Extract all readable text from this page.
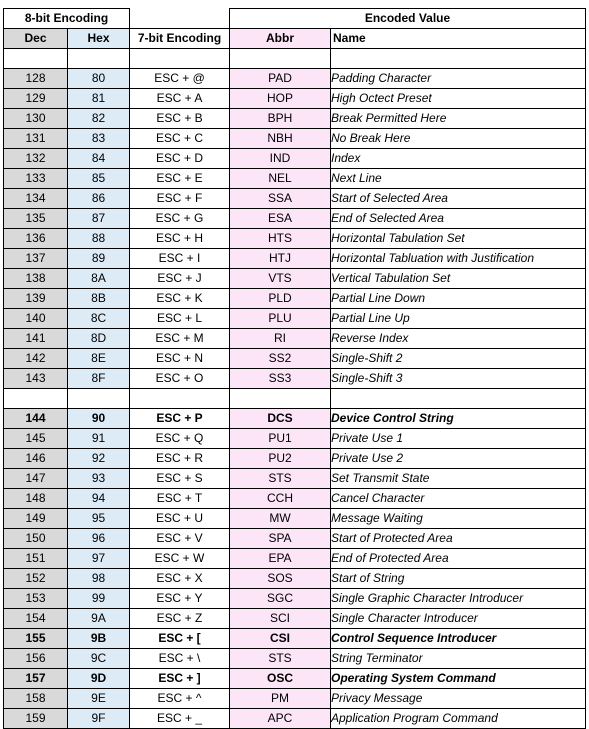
8-bit Encoding			Encoded Value	
Dec	Hex	7-bit Encoding	Abbr	Name

128	80	ESC + @	PAD	Padding Character
129	81	ESC + A	HOP	High Octect Preset
130	82	ESC + B	BPH	Break Permitted Here
131	83	ESC + C	NBH	No Break Here
132	84	ESC + D	IND	Index
133	85	ESC + E	NEL	Next Line
134	86	ESC + F	SSA	Start of Selected Area
135	87	ESC + G	ESA	End of Selected Area
136	88	ESC + H	HTS	Horizontal Tabulation Set
137	89	ESC + I	HTJ	Horizontal Tabluation with Justification
138	8A	ESC + J	VTS	Vertical Tabulation Set
139	8B	ESC + K	PLD	Partial Line Down
140	8C	ESC + L	PLU	Partial Line Up
141	8D	ESC + M	RI	Reverse Index
142	8E	ESC + N	SS2	Single-Shift 2
143	8F	ESC + O	SS3	Single-Shift 3

144	90	ESC + P	DCS	Device Control String
145	91	ESC + Q	PU1	Private Use 1
146	92	ESC + R	PU2	Private Use 2
147	93	ESC + S	STS	Set Transmit State
148	94	ESC + T	CCH	Cancel Character
149	95	ESC + U	MW	Message Waiting
150	96	ESC + V	SPA	Start of Protected Area
151	97	ESC + W	EPA	End of Protected Area
152	98	ESC + X	SOS	Start of String
153	99	ESC + Y	SGC	Single Graphic Character Introducer
154	9A	ESC + Z	SCI	Single Character Introducer
155	9B	ESC + [	CSI	Control Sequence Introducer
156	9C	ESC + \	STS	String Terminator
157	9D	ESC + ]	OSC	Operating System Command
158	9E	ESC + ^	PM	Privacy Message
159	9F	ESC + _	APC	Application Program Command
